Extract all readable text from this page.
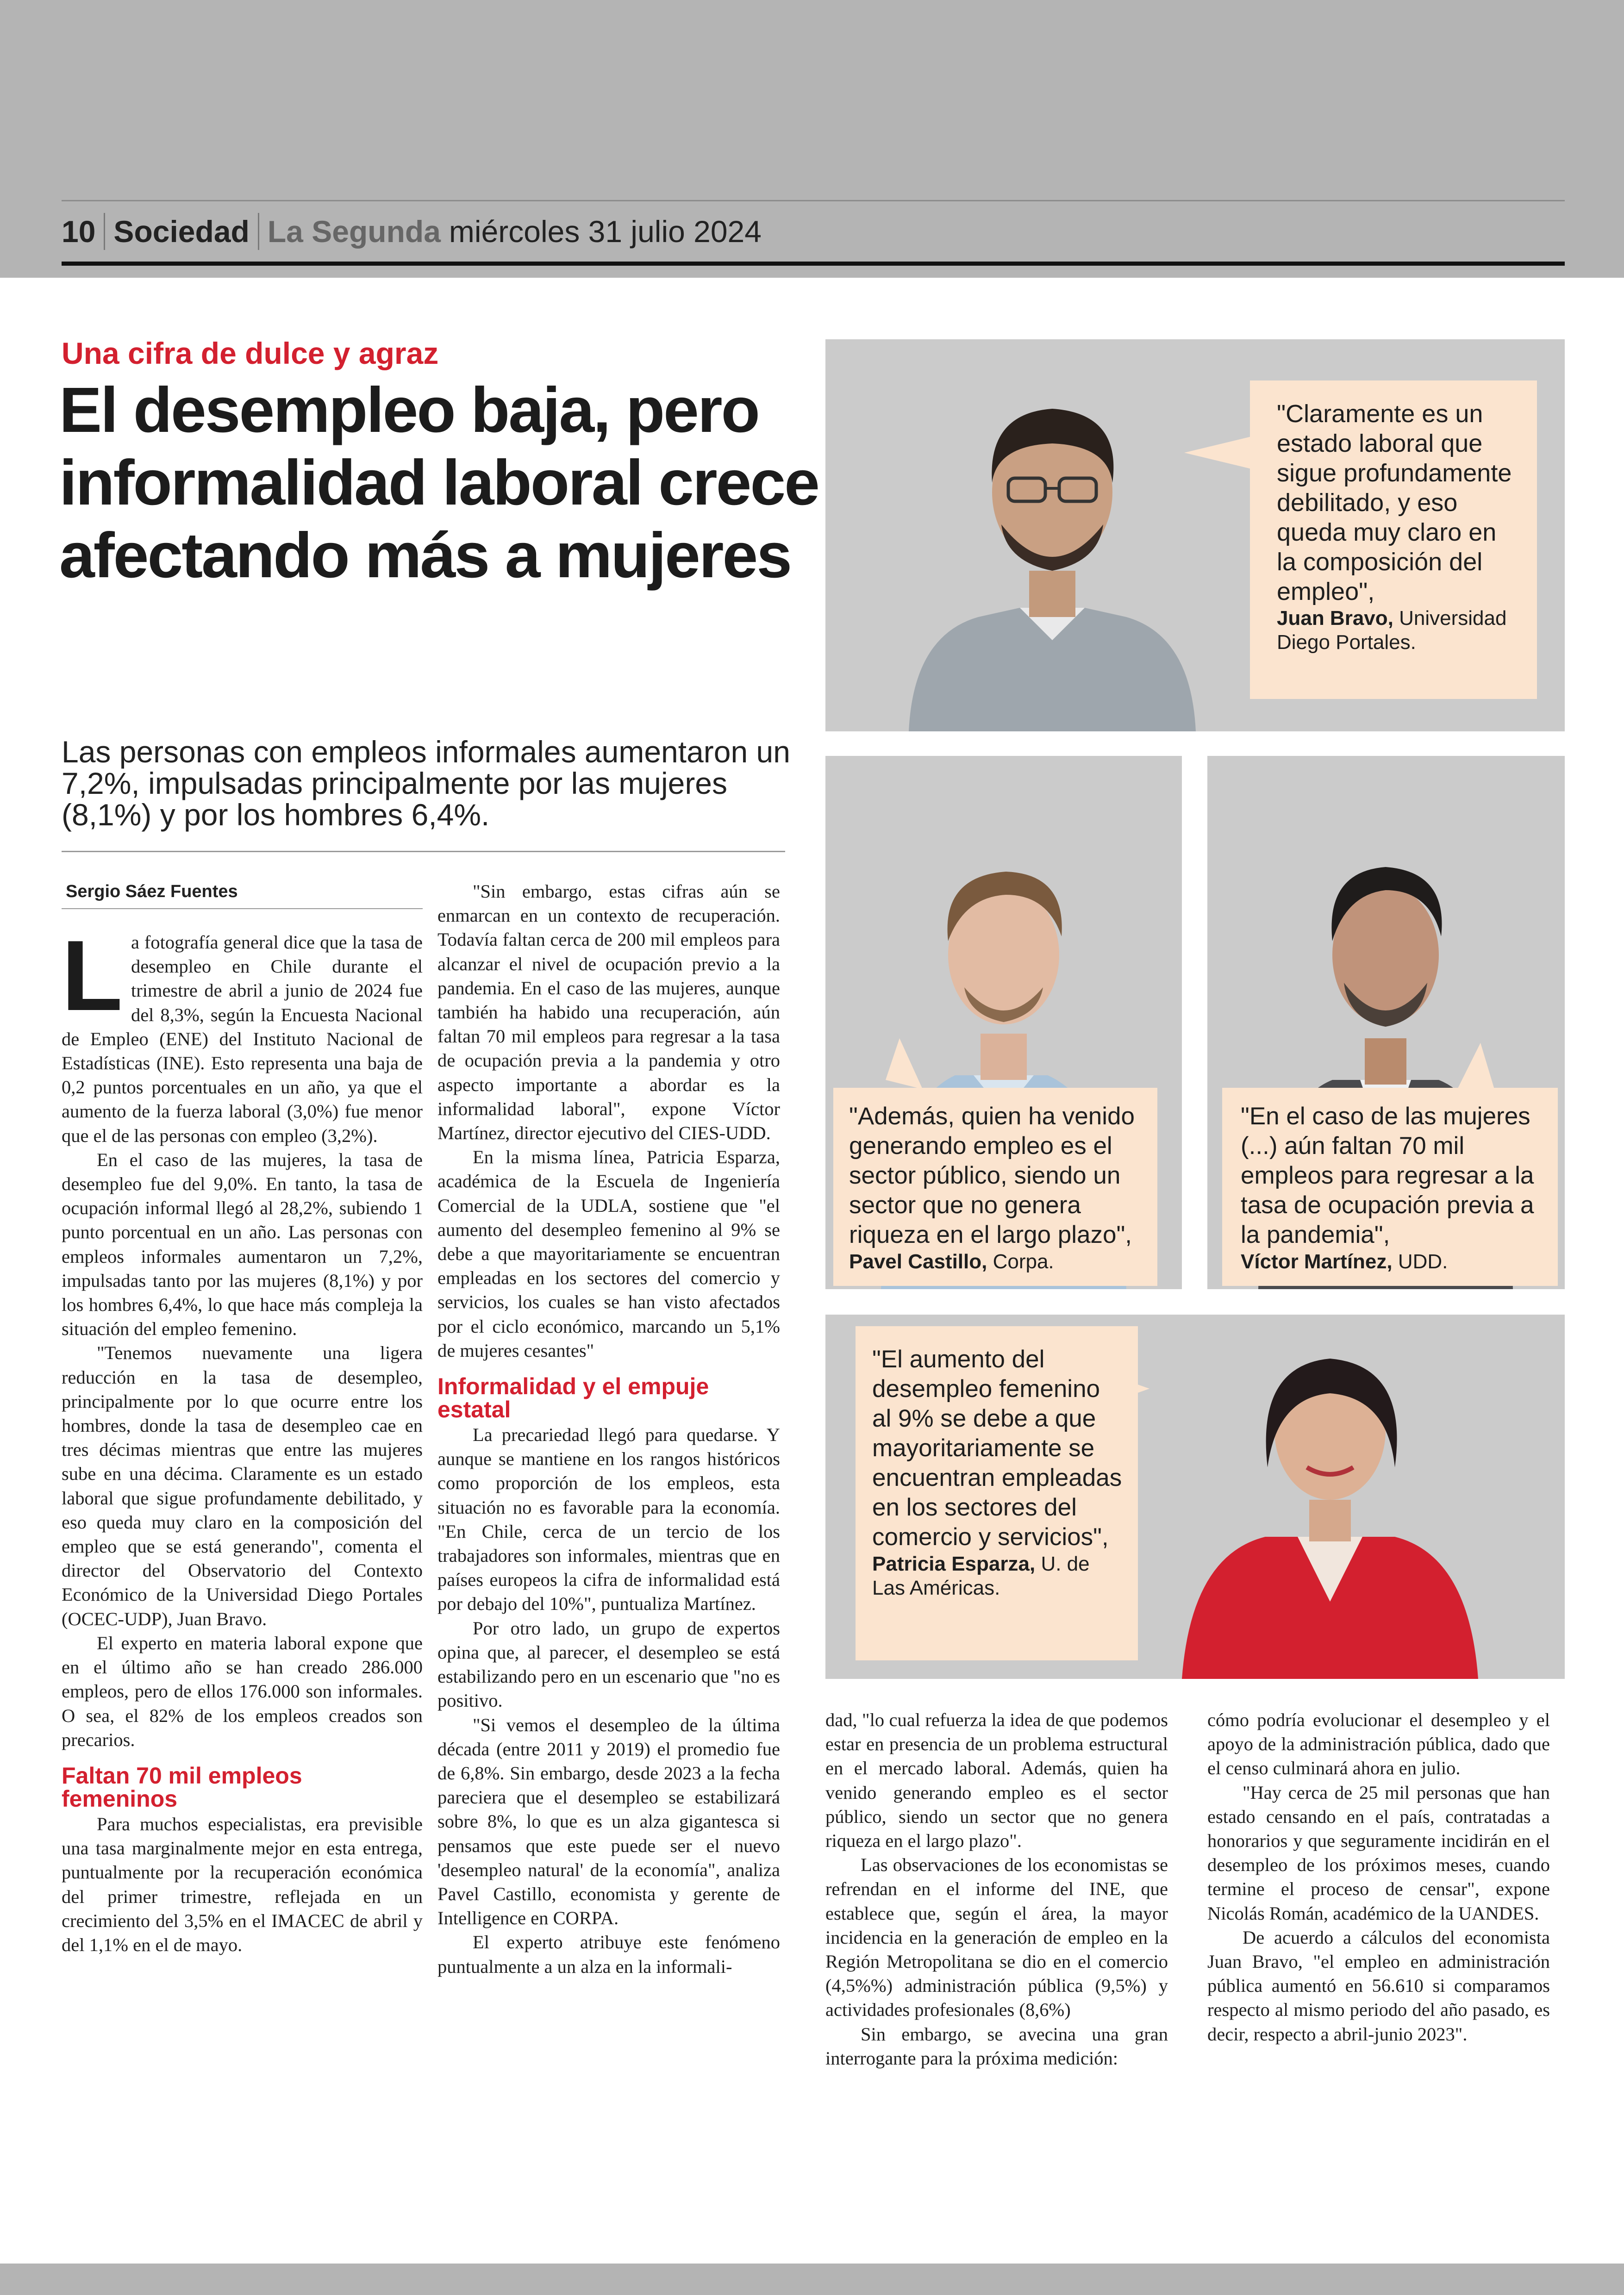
10 Sociedad La Segunda miércoles 31 julio 2024
Una cifra de dulce y agraz
El desempleo baja, pero informalidad laboral crece afectando más a mujeres
Las personas con empleos informales aumentaron un 7,2%, impulsadas principalmente por las mujeres (8,1%) y por los hombres 6,4%.
Sergio Sáez Fuentes
L a fotografía general dice que la tasa de desempleo en Chile durante el trimestre de abril a junio de 2024 fue del 8,3%, según la Encuesta Nacional de Empleo (ENE) del Instituto Nacional de Estadísticas (INE). Esto representa una baja de 0,2 puntos porcentuales en un año, ya que el aumento de la fuerza laboral (3,0%) fue menor que el de las personas con empleo (3,2%).

En el caso de las mujeres, la tasa de desempleo fue del 9,0%. En tanto, la tasa de ocupación informal llegó al 28,2%, subiendo 1 punto porcentual en un año. Las personas con empleos informales aumentaron un 7,2%, impulsadas tanto por las mujeres (8,1%) y por los hombres 6,4%, lo que hace más compleja la situación del empleo femenino.

"Tenemos nuevamente una ligera reducción en la tasa de desempleo, principalmente por lo que ocurre entre los hombres, donde la tasa de desempleo cae en tres décimas mientras que entre las mujeres sube en una décima. Claramente es un estado laboral que sigue profundamente debilitado, y eso queda muy claro en la composición del empleo que se está generando", comenta el director del Observatorio del Contexto Económico de la Universidad Diego Portales (OCEC-UDP), Juan Bravo.

El experto en materia laboral expone que en el último año se han creado 286.000 empleos, pero de ellos 176.000 son informales. O sea, el 82% de los empleos creados son precarios.

Faltan 70 mil empleos femeninos

Para muchos especialistas, era previsible una tasa marginalmente mejor en esta entrega, puntualmente por la recuperación económica del primer trimestre, reflejada en un crecimiento del 3,5% en el IMACEC de abril y del 1,1% en el de mayo.

"Sin embargo, estas cifras aún se enmarcan en un contexto de recuperación. Todavía faltan cerca de 200 mil empleos para alcanzar el nivel de ocupación previo a la pandemia. En el caso de las mujeres, aunque también ha habido una recuperación, aún faltan 70 mil empleos para regresar a la tasa de ocupación previa a la pandemia y otro aspecto importante a abordar es la informalidad laboral", expone Víctor Martínez, director ejecutivo del CIES-UDD.

En la misma línea, Patricia Esparza, académica de la Escuela de Ingeniería Comercial de la UDLA, sostiene que "el aumento del desempleo femenino al 9% se debe a que mayoritariamente se encuentran empleadas en los sectores del comercio y servicios, los cuales se han visto afectados por el ciclo económico, marcando un 5,1% de mujeres cesantes"

Informalidad y el empuje estatal

La precariedad llegó para quedarse. Y aunque se mantiene en los rangos históricos como proporción de los empleos, esta situación no es favorable para la economía. "En Chile, cerca de un tercio de los trabajadores son informales, mientras que en países europeos la cifra de informalidad está por debajo del 10%", puntualiza Martínez.

Por otro lado, un grupo de expertos opina que, al parecer, el desempleo se está estabilizando pero en un escenario que "no es positivo.

"Si vemos el desempleo de la última década (entre 2011 y 2019) el promedio fue de 6,8%. Sin embargo, desde 2023 a la fecha pareciera que el desempleo se estabilizará sobre 8%, lo que es un alza gigantesca si pensamos que este puede ser el nuevo 'desempleo natural' de la economía", analiza Pavel Castillo, economista y gerente de Intelligence en CORPA.

El experto atribuye este fenómeno puntualmente a un alza en la informali-

dad, "lo cual refuerza la idea de que podemos estar en presencia de un problema estructural en el mercado laboral. Además, quien ha venido generando empleo es el sector público, siendo un sector que no genera riqueza en el largo plazo".

Las observaciones de los economistas se refrendan en el informe del INE, que establece que, según el área, la mayor incidencia en la generación de empleo en la Región Metropolitana se dio en el comercio (4,5%%) administración pública (9,5%) y actividades profesionales (8,6%)

Sin embargo, se avecina una gran interrogante para la próxima medición:

cómo podría evolucionar el desempleo y el apoyo de la administración pública, dado que el censo culminará ahora en julio.

"Hay cerca de 25 mil personas que han estado censando en el país, contratadas a honorarios y que seguramente incidirán en el desempleo de los próximos meses, cuando termine el proceso de censar", expone Nicolás Román, académico de la UANDES.

De acuerdo a cálculos del economista Juan Bravo, "el empleo en administración pública aumentó en 56.610 si comparamos respecto al mismo periodo del año pasado, es decir, respecto a abril-junio 2023".

"Claramente es un estado laboral que sigue profundamente debilitado, y eso queda muy claro en la composición del empleo",
Juan Bravo, Universidad Diego Portales.
"Además, quien ha venido generando empleo es el sector público, siendo un sector que no genera riqueza en el largo plazo",
Pavel Castillo, Corpa.
"En el caso de las mujeres (...) aún faltan 70 mil empleos para regresar a la tasa de ocupación previa a la pandemia",
Víctor Martínez, UDD.
"El aumento del desempleo femenino al 9% se debe a que mayoritariamente se encuentran empleadas en los sectores del comercio y servicios",
Patricia Esparza, U. de Las Américas.
